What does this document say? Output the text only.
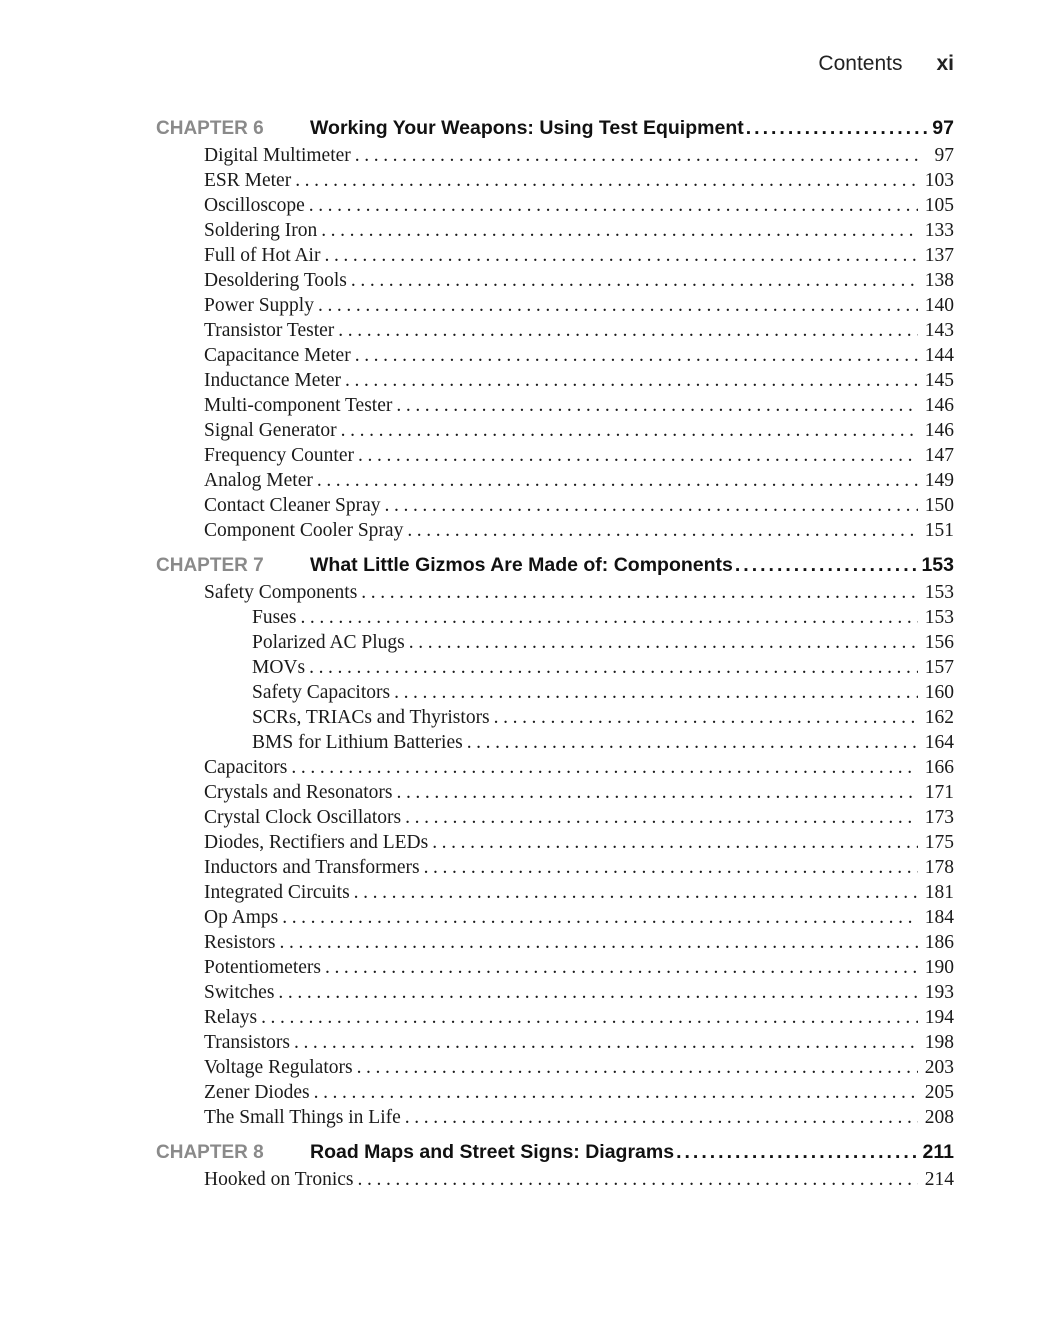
Contents xi
CHAPTER 6	Working Your Weapons: Using Test Equipment .....	97
Digital Multimeter .....	97
ESR Meter .....	103
Oscilloscope .....	105
Soldering Iron .....	133
Full of Hot Air .....	137
Desoldering Tools .....	138
Power Supply .....	140
Transistor Tester .....	143
Capacitance Meter .....	144
Inductance Meter .....	145
Multi-component Tester .....	146
Signal Generator .....	146
Frequency Counter .....	147
Analog Meter .....	149
Contact Cleaner Spray .....	150
Component Cooler Spray .....	151
CHAPTER 7	What Little Gizmos Are Made of: Components .....	153
Safety Components .....	153
Fuses .....	153
Polarized AC Plugs .....	156
MOVs .....	157
Safety Capacitors .....	160
SCRs, TRIACs and Thyristors .....	162
BMS for Lithium Batteries .....	164
Capacitors .....	166
Crystals and Resonators .....	171
Crystal Clock Oscillators .....	173
Diodes, Rectifiers and LEDs .....	175
Inductors and Transformers .....	178
Integrated Circuits .....	181
Op Amps .....	184
Resistors .....	186
Potentiometers .....	190
Switches .....	193
Relays .....	194
Transistors .....	198
Voltage Regulators .....	203
Zener Diodes .....	205
The Small Things in Life .....	208
CHAPTER 8	Road Maps and Street Signs: Diagrams .....	211
Hooked on Tronics .....	214
